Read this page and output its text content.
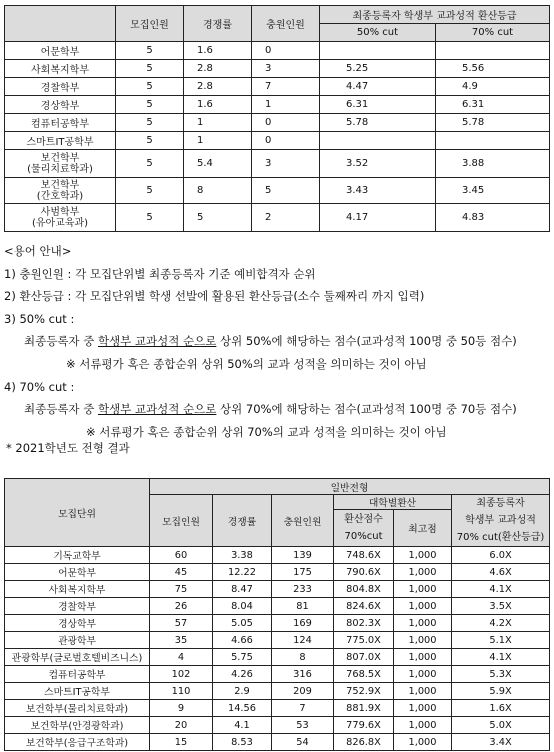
	모집인원	경쟁률	충원인원	최종등록자 학생부 교과성적 환산등급	
				50% cut	70% cut
어문학부	5	1.6	0		
사회복지학부	5	2.8	3	5.25	5.56
경찰학부	5	2.8	7	4.47	4.9
경상학부	5	1.6	1	6.31	6.31
컴퓨터공학부	5	1	0	5.78	5.78
스마트IT공학부	5	1	0		

보건학부
(물리치료학과)	5	5.4	3	3.52	3.88

보건학부
(간호학과)	5	8	5	3.43	3.45

사범학부
(유아교육과)	5	5	2	4.17	4.83
<용어 안내>
1) 충원인원 : 각 모집단위별 최종등록자 기준 예비합격자 순위
2) 환산등급 : 각 모집단위별 학생 선발에 활용된 환산등급(소수 둘째짜리 까지 입력)
3) 50% cut :
최종등록자 중 학생부 교과성적 순으로 상위 50%에 해당하는 점수(교과성적 100명 중 50등 점수)
※ 서류평가 혹은 종합순위 상위 50%의 교과 성적을 의미하는 것이 아님
4) 70% cut :
최종등록자 중 학생부 교과성적 순으로 상위 70%에 해당하는 점수(교과성적 100명 중 70등 점수)
※ 서류평가 혹은 종합순위 상위 70%의 교과 성적을 의미하는 것이 아님
* 2021학년도 전형 결과
모집단위	일반전형					
	모집인원	경쟁률	충원인원	대학별환산		최종등록자
학생부 교과성적
70% cut(환산등급)

				환산점수
70%cut	최고점	
기독교학부	60	3.38	139	748.6X	1,000	6.0X
어문학부	45	12.22	175	790.6X	1,000	4.6X
사회복지학부	75	8.47	233	804.8X	1,000	4.1X
경찰학부	26	8.04	81	824.6X	1,000	3.5X
경상학부	57	5.05	169	802.3X	1,000	4.2X
관광학부	35	4.66	124	775.0X	1,000	5.1X
관광학부(글로벌호텔비즈니스)	4	5.75	8	807.0X	1,000	4.1X
컴퓨터공학부	102	4.26	316	768.5X	1,000	5.3X
스마트IT공학부	110	2.9	209	752.9X	1,000	5.9X
보건학부(물리치료학과)	9	14.56	7	881.9X	1,000	1.6X
보건학부(안경광학과)	20	4.1	53	779.6X	1,000	5.0X
보건학부(응급구조학과)	15	8.53	54	826.8X	1,000	3.4X
